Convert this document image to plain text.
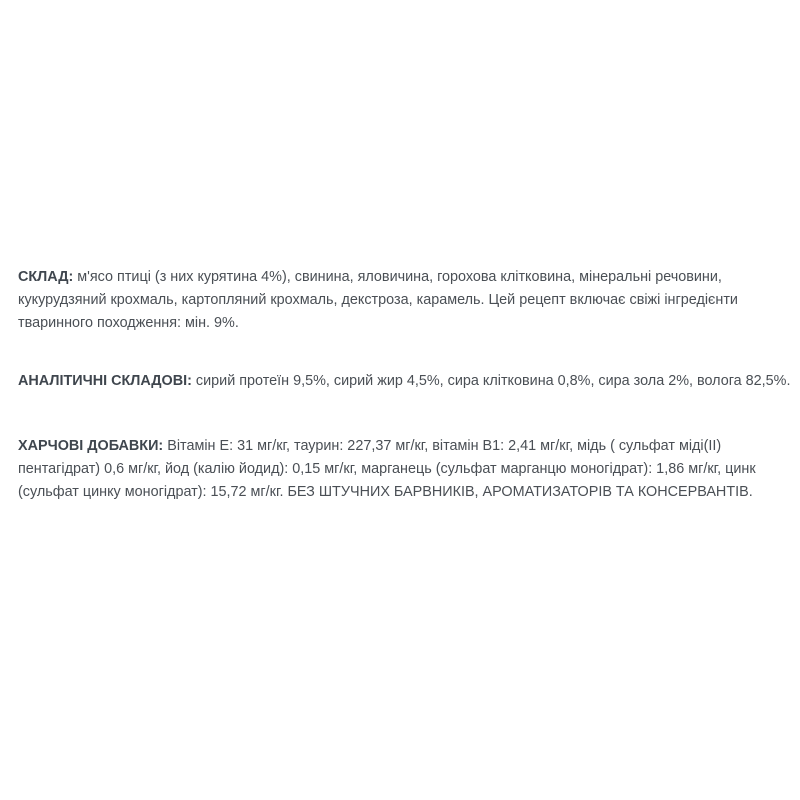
СКЛАД: м'ясо птиці (з них курятина 4%), свинина, яловичина, горохова клітковина, мінеральні речовини, кукурудзяний крохмаль, картопляний крохмаль, декстроза, карамель. Цей рецепт включає свіжі інгредієнти тваринного походження: мін. 9%.

АНАЛІТИЧНІ СКЛАДОВІ: сирий протеїн 9,5%, сирий жир 4,5%, сира клітковина 0,8%, сира зола 2%, волога 82,5%.

ХАРЧОВІ ДОБАВКИ: Вітамін Е: 31 мг/кг, таурин: 227,37 мг/кг, вітамін В1: 2,41 мг/кг, мідь ( сульфат міді(ІІ) пентагідрат) 0,6 мг/кг, йод (калію йодид): 0,15 мг/кг, марганець (сульфат марганцю моногідрат): 1,86 мг/кг, цинк (сульфат цинку моногідрат): 15,72 мг/кг. БЕЗ ШТУЧНИХ БАРВНИКІВ, АРОМАТИЗАТОРІВ ТА КОНСЕРВАНТІВ.
